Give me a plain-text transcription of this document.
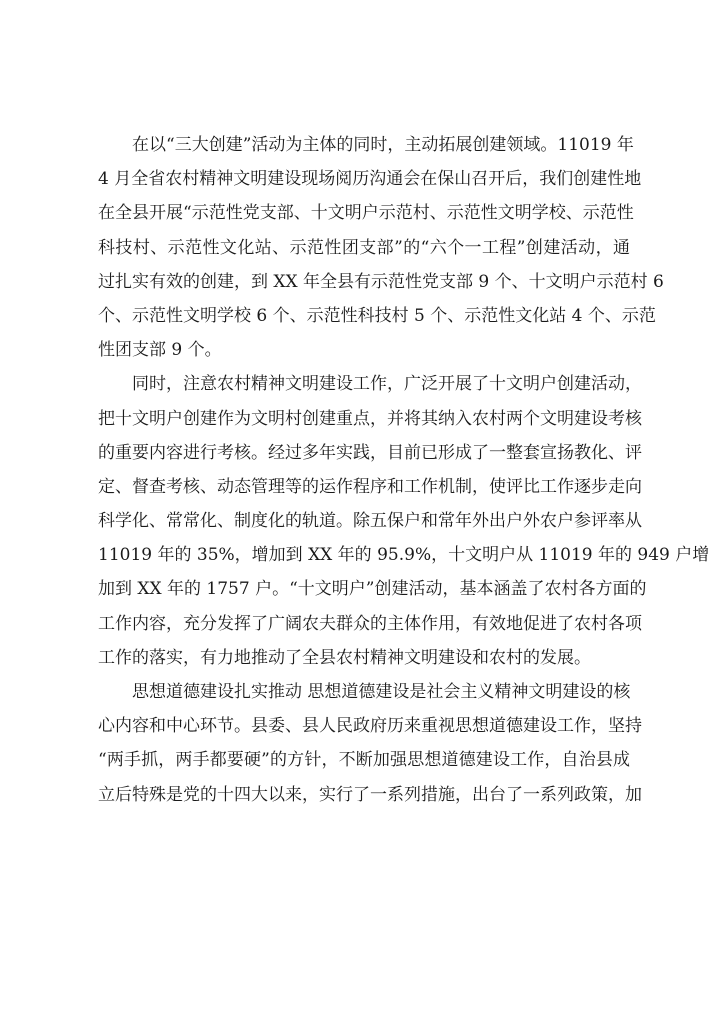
在以“三大创建”活动为主体的同时，主动拓展创建领域。11019 年
4 月全省农村精神文明建设现场阅历沟通会在保山召开后，我们创建性地
在全县开展“示范性党支部、十文明户示范村、示范性文明学校、示范性
科技村、示范性文化站、示范性团支部”的“六个一工程”创建活动，通
过扎实有效的创建，到 XX 年全县有示范性党支部 9 个、十文明户示范村 6
个、示范性文明学校 6 个、示范性科技村 5 个、示范性文化站 4 个、示范
性团支部 9 个。
同时，注意农村精神文明建设工作，广泛开展了十文明户创建活动，
把十文明户创建作为文明村创建重点，并将其纳入农村两个文明建设考核
的重要内容进行考核。经过多年实践，目前已形成了一整套宣扬教化、评
定、督查考核、动态管理等的运作程序和工作机制，使评比工作逐步走向
科学化、常常化、制度化的轨道。除五保户和常年外出户外农户参评率从
11019 年的 35%，增加到 XX 年的 95.9%，十文明户从 11019 年的 949 户增
加到 XX 年的 1757 户。“十文明户”创建活动，基本涵盖了农村各方面的
工作内容，充分发挥了广阔农夫群众的主体作用，有效地促进了农村各项
工作的落实，有力地推动了全县农村精神文明建设和农村的发展。
思想道德建设扎实推动 思想道德建设是社会主义精神文明建设的核
心内容和中心环节。县委、县人民政府历来重视思想道德建设工作，坚持
“两手抓，两手都要硬”的方针，不断加强思想道德建设工作，自治县成
立后特殊是党的十四大以来，实行了一系列措施，出台了一系列政策，加
